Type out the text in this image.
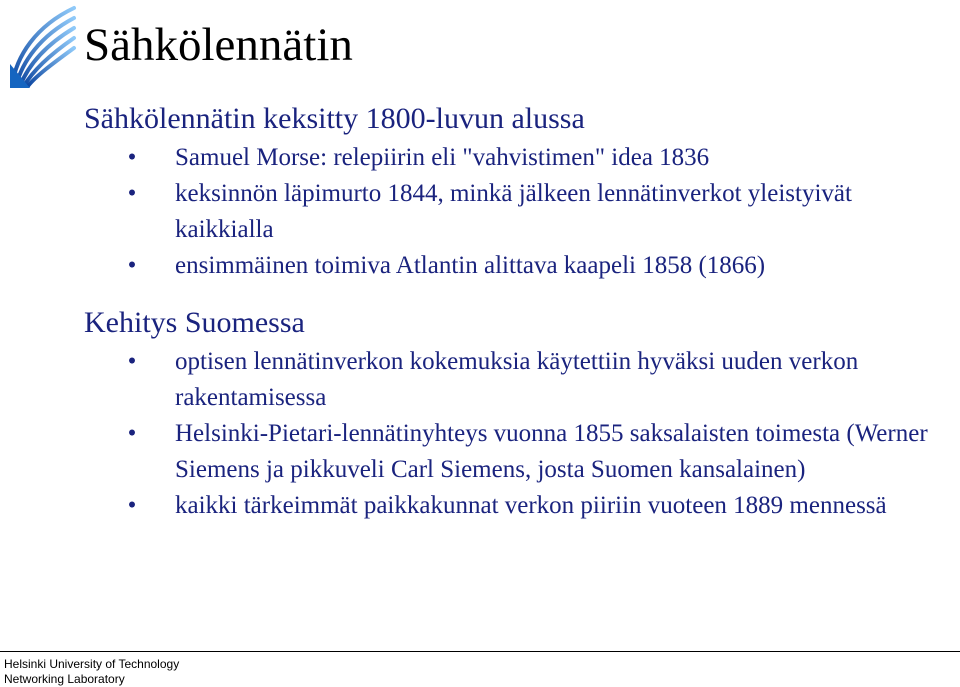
Sähkölennätin
Sähkölennätin keksitty 1800-luvun alussa
• Samuel Morse: relepiirin eli "vahvistimen" idea 1836
• keksinnön läpimurto 1844, minkä jälkeen lennätinverkot yleistyivät kaikkialla
• ensimmäinen toimiva Atlantin alittava kaapeli 1858 (1866)
Kehitys Suomessa
• optisen lennätinverkon kokemuksia käytettiin hyväksi uuden verkon rakentamisessa
• Helsinki-Pietari-lennätinyhteys vuonna 1855 saksalaisten toimesta (Werner Siemens ja pikkuveli Carl Siemens, josta Suomen kansalainen)
• kaikki tärkeimmät paikkakunnat verkon piiriin vuoteen 1889 mennessä
Helsinki University of Technology
Networking Laboratory
